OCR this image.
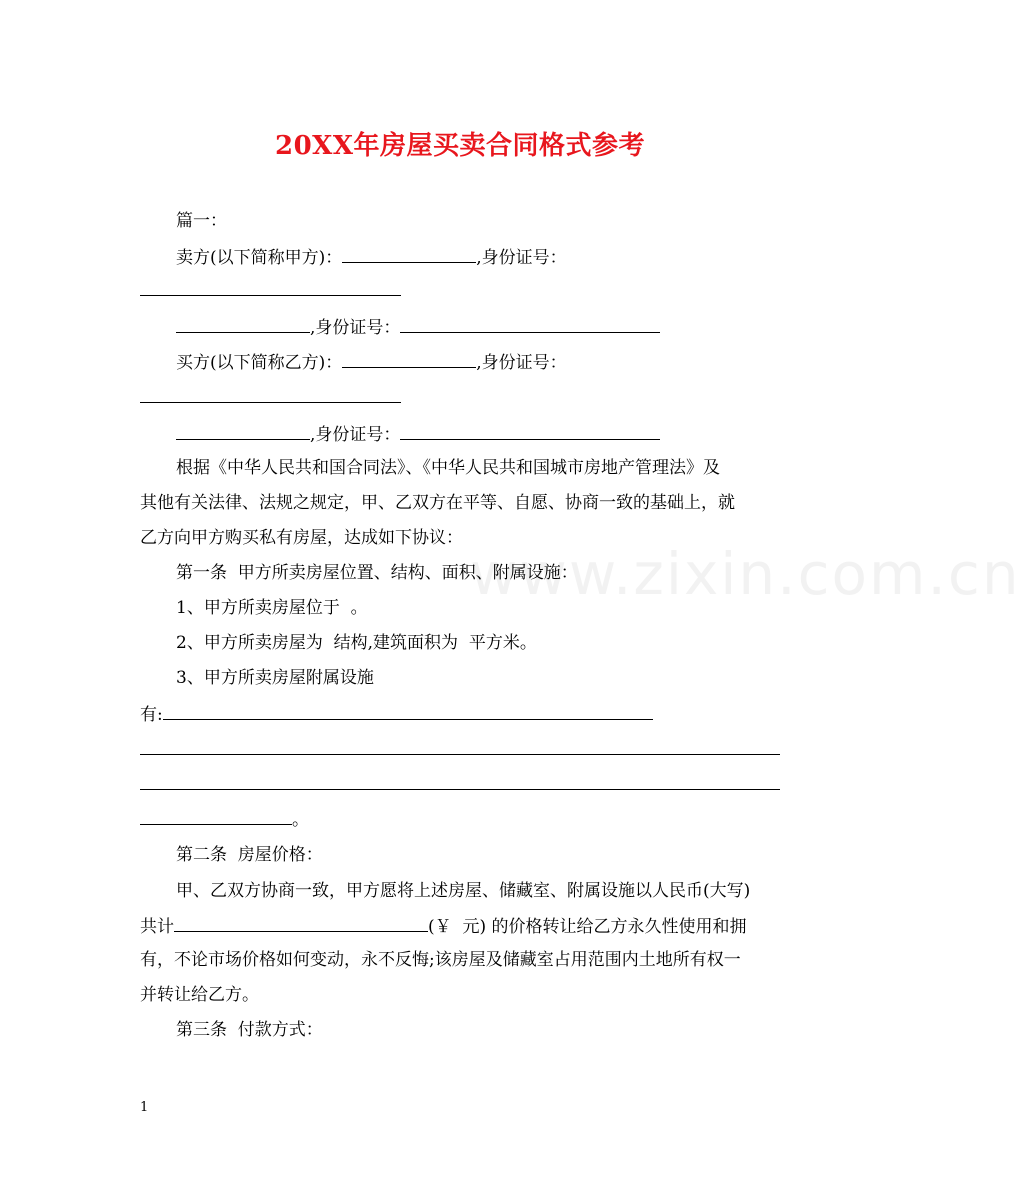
www.zixin.com.cn
20XX年房屋买卖合同格式参考
篇一：
卖方(以下简称甲方)：	,身份证号：
,身份证号：
买方(以下简称乙方)：	,身份证号：
,身份证号：
根据《中华人民共和国合同法》、《中华人民共和国城市房地产管理法》及
其他有关法律、法规之规定，甲、乙双方在平等、自愿、协商一致的基础上，就
乙方向甲方购买私有房屋，达成如下协议：
第一条  甲方所卖房屋位置、结构、面积、附属设施：
1、甲方所卖房屋位于  。
2、甲方所卖房屋为  结构,建筑面积为  平方米。
3、甲方所卖房屋附属设施
有:
。
第二条  房屋价格：
甲、乙双方协商一致，甲方愿将上述房屋、储藏室、附属设施以人民币(大写)
共计	(￥  元) 的价格转让给乙方永久性使用和拥
有，不论市场价格如何变动，永不反悔;该房屋及储藏室占用范围内土地所有权一
并转让给乙方。
第三条  付款方式：
1
